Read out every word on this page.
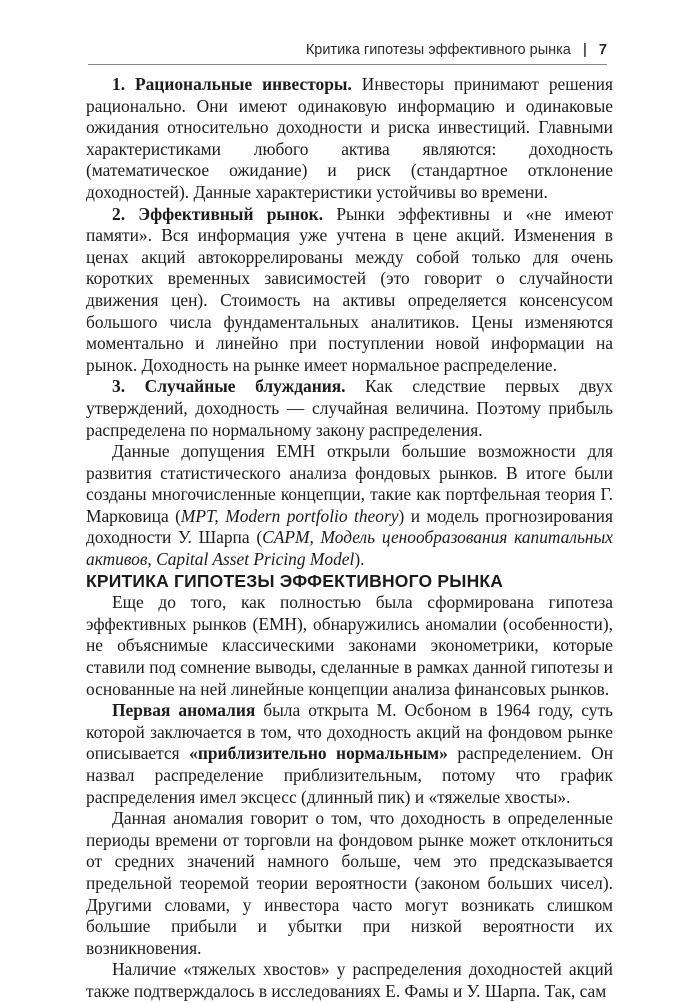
Критика гипотезы эффективного рынка | 7

1. Рациональные инвесторы. Инвесторы принимают решения рационально. Они имеют одинаковую информацию и одинаковые ожидания относительно доходности и риска инвестиций. Главными характеристиками любого актива являются: доходность (математическое ожидание) и риск (стандартное отклонение доходностей). Данные характеристики устойчивы во времени.

2. Эффективный рынок. Рынки эффективны и «не имеют памяти». Вся информация уже учтена в цене акций. Изменения в ценах акций автокоррелированы между собой только для очень коротких временных зависимостей (это говорит о случайности движения цен). Стоимость на активы определяется консенсусом большого числа фундаментальных аналитиков. Цены изменяются моментально и линейно при поступлении новой информации на рынок. Доходность на рынке имеет нормальное распределение.

3. Случайные блуждания. Как следствие первых двух утверждений, доходность — случайная величина. Поэтому прибыль распределена по нормальному закону распределения.

Данные допущения ЕМН открыли большие возможности для развития статистического анализа фондовых рынков. В итоге были созданы многочисленные концепции, такие как портфельная теория Г. Марковица (MPT, Modern portfolio theory) и модель прогнозирования доходности У. Шарпа (CAPM, Модель ценообразования капитальных активов, Capital Asset Pricing Model).

КРИТИКА ГИПОТЕЗЫ ЭФФЕКТИВНОГО РЫНКА

Еще до того, как полностью была сформирована гипотеза эффективных рынков (ЕМН), обнаружились аномалии (особенности), не объяснимые классическими законами эконометрики, которые ставили под сомнение выводы, сделанные в рамках данной гипотезы и основанные на ней линейные концепции анализа финансовых рынков.

Первая аномалия была открыта М. Осбоном в 1964 году, суть которой заключается в том, что доходность акций на фондовом рынке описывается «приблизительно нормальным» распределением. Он назвал распределение приблизительным, потому что график распределения имел эксцесс (длинный пик) и «тяжелые хвосты».

Данная аномалия говорит о том, что доходность в определенные периоды времени от торговли на фондовом рынке может отклониться от средних значений намного больше, чем это предсказывается предельной теоремой теории вероятности (законом больших чисел). Другими словами, у инвестора часто могут возникать слишком большие прибыли и убытки при низкой вероятности их возникновения.

Наличие «тяжелых хвостов» у распределения доходностей акций также подтверждалось в исследованиях Е. Фамы и У. Шарпа. Так, сам
